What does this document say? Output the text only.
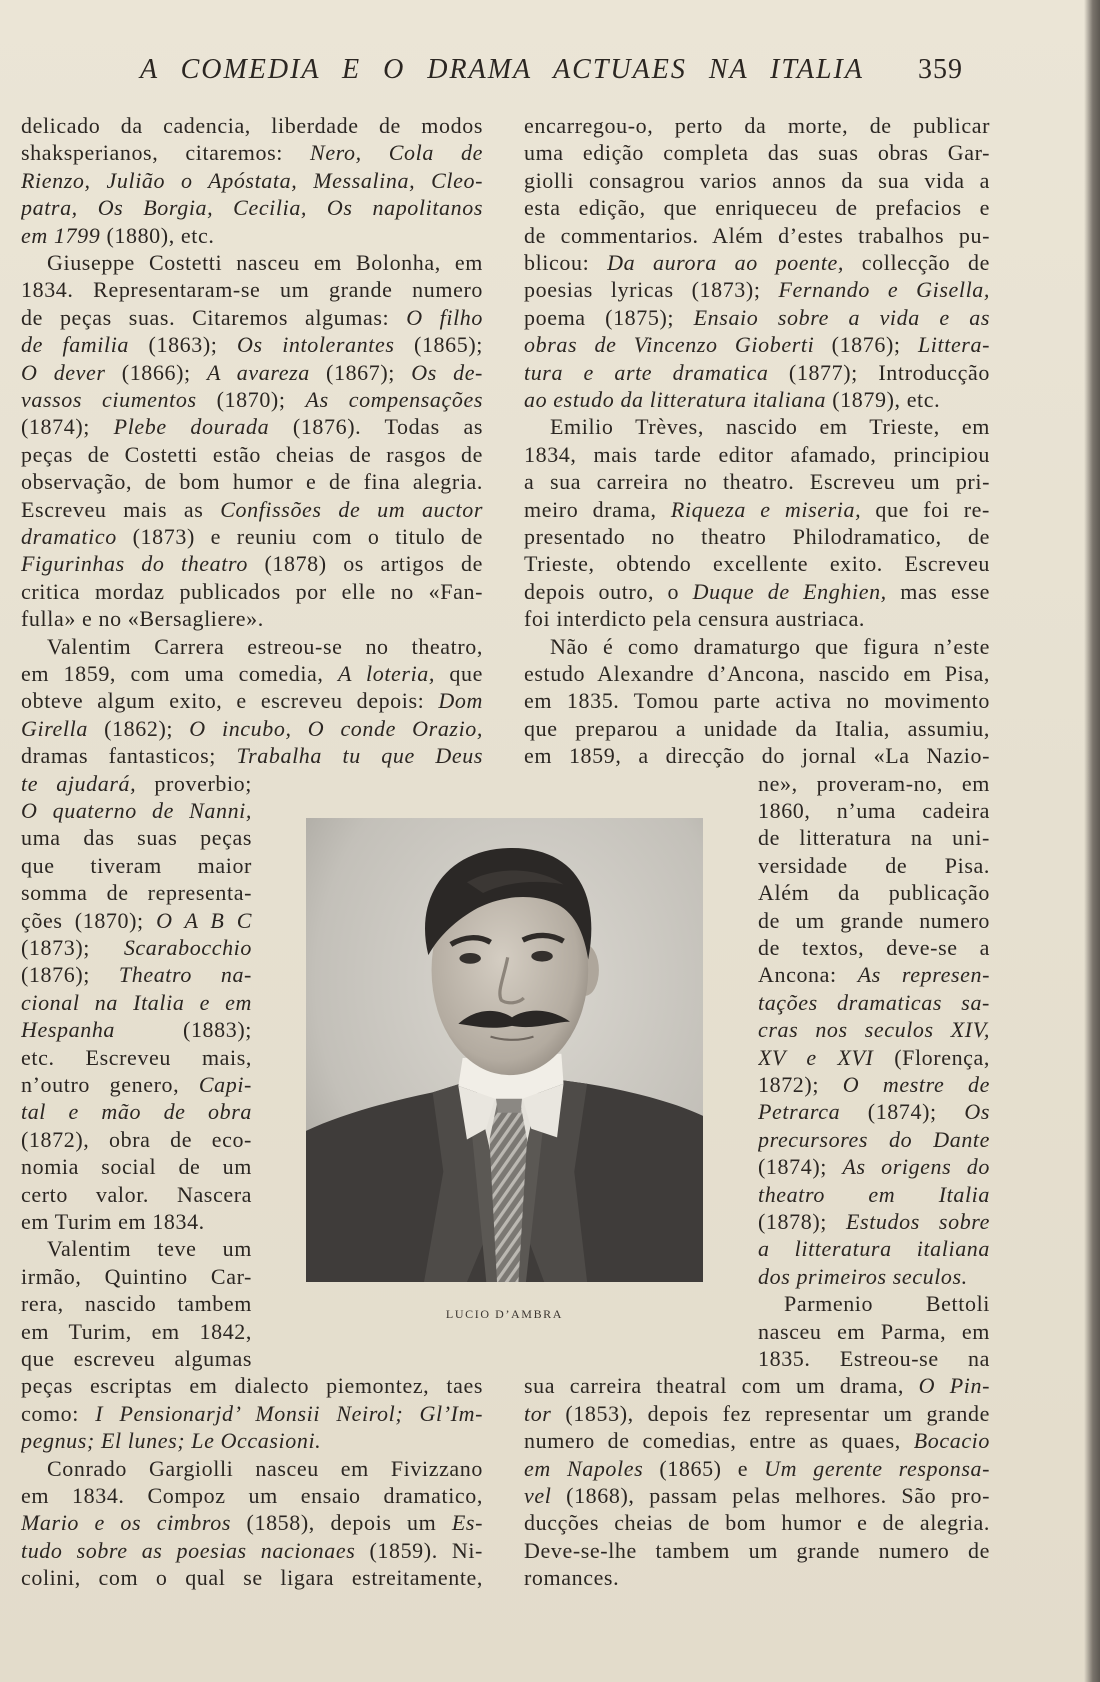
A COMEDIA E O DRAMA ACTUAES NA ITALIA 359
delicado da cadencia, liberdade de modos
shaksperianos, citaremos: Nero, Cola de
Rienzo, Julião o Apóstata, Messalina, Cleo-
patra, Os Borgia, Cecilia, Os napolitanos
em 1799 (1880), etc.
Giuseppe Costetti nasceu em Bolonha, em
1834. Representaram-se um grande numero
de peças suas. Citaremos algumas: O filho
de familia (1863); Os intolerantes (1865);
O dever (1866); A avareza (1867); Os de-
vassos ciumentos (1870); As compensações
(1874); Plebe dourada (1876). Todas as
peças de Costetti estão cheias de rasgos de
observação, de bom humor e de fina alegria.
Escreveu mais as Confissões de um auctor
dramatico (1873) e reuniu com o titulo de
Figurinhas do theatro (1878) os artigos de
critica mordaz publicados por elle no «Fan-
fulla» e no «Bersagliere».
Valentim Carrera estreou-se no theatro,
em 1859, com uma comedia, A loteria, que
obteve algum exito, e escreveu depois: Dom
Girella (1862); O incubo, O conde Orazio,
dramas fantasticos; Trabalha tu que Deus
te ajudará, proverbio;
O quaterno de Nanni,
uma das suas peças
que tiveram maior
somma de representa-
ções (1870); O A B C
(1873); Scarabocchio
(1876); Theatro na-
cional na Italia e em
Hespanha (1883);
etc. Escreveu mais,
n’outro genero, Capi-
tal e mão de obra
(1872), obra de eco-
nomia social de um
certo valor. Nascera
em Turim em 1834.
Valentim teve um
irmão, Quintino Car-
rera, nascido tambem
em Turim, em 1842,
que escreveu algumas
peças escriptas em dialecto piemontez, taes
como: I Pensionarjd’ Monsii Neirol; Gl’Im-
pegnus; El lunes; Le Occasioni.
Conrado Gargiolli nasceu em Fivizzano
em 1834. Compoz um ensaio dramatico,
Mario e os cimbros (1858), depois um Es-
tudo sobre as poesias nacionaes (1859). Ni-
colini, com o qual se ligara estreitamente,
encarregou-o, perto da morte, de publicar
uma edição completa das suas obras Gar-
giolli consagrou varios annos da sua vida a
esta edição, que enriqueceu de prefacios e
de commentarios. Além d’estes trabalhos pu-
blicou: Da aurora ao poente, collecção de
poesias lyricas (1873); Fernando e Gisella,
poema (1875); Ensaio sobre a vida e as
obras de Vincenzo Gioberti (1876); Littera-
tura e arte dramatica (1877); Introducção
ao estudo da litteratura italiana (1879), etc.
Emilio Trèves, nascido em Trieste, em
1834, mais tarde editor afamado, principiou
a sua carreira no theatro. Escreveu um pri-
meiro drama, Riqueza e miseria, que foi re-
presentado no theatro Philodramatico, de
Trieste, obtendo excellente exito. Escreveu
depois outro, o Duque de Enghien, mas esse
foi interdicto pela censura austriaca.
Não é como dramaturgo que figura n’este
estudo Alexandre d’Ancona, nascido em Pisa,
em 1835. Tomou parte activa no movimento
que preparou a unidade da Italia, assumiu,
em 1859, a direcção do jornal «La Nazio-
ne», proveram-no, em
1860, n’uma cadeira
de litteratura na uni-
versidade de Pisa.
Além da publicação
de um grande numero
de textos, deve-se a
Ancona: As represen-
tações dramaticas sa-
cras nos seculos XIV,
XV e XVI (Florença,
1872); O mestre de
Petrarca (1874); Os
precursores do Dante
(1874); As origens do
theatro em Italia
(1878); Estudos sobre
a litteratura italiana
dos primeiros seculos.
Parmenio Bettoli
nasceu em Parma, em
1835. Estreou-se na
sua carreira theatral com um drama, O Pin-
tor (1853), depois fez representar um grande
numero de comedias, entre as quaes, Bocacio
em Napoles (1865) e Um gerente responsa-
vel (1868), passam pelas melhores. São pro-
ducções cheias de bom humor e de alegria.
Deve-se-lhe tambem um grande numero de
romances.
LUCIO D’AMBRA
